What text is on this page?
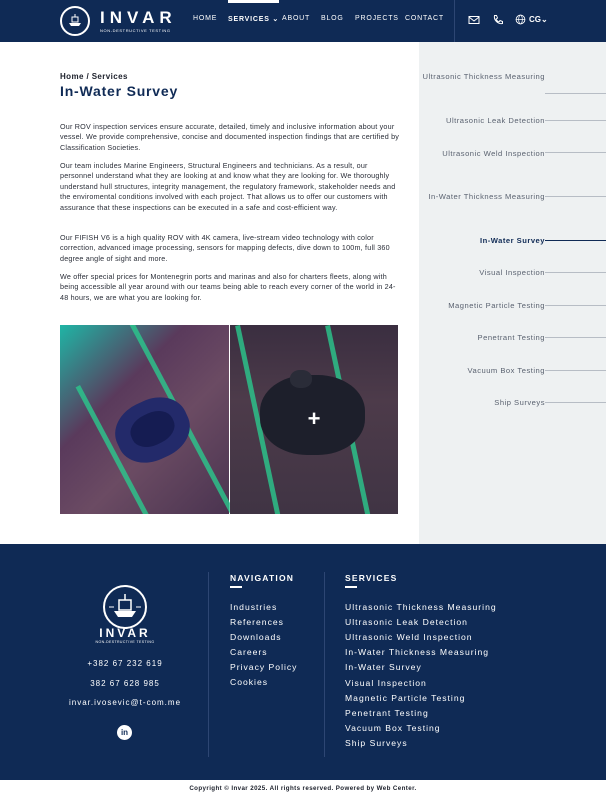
INVAR
NON-DESTRUCTIVE TESTING
HOME SERVICES ⌄ ABOUT BLOG PROJECTS CONTACT	CG⌄
Home / Services
In-Water Survey

Our ROV inspection services ensure accurate, detailed, timely and inclusive information about your vessel. We provide comprehensive, concise and documented inspection findings that are certified by Classification Societies.

Our team includes Marine Engineers, Structural Engineers and technicians. As a result, our personnel understand what they are looking at and know what they are looking for. We thoroughly understand hull structures, integrity management, the regulatory framework, stakeholder needs and the enviromental conditions involved with each project. That allows us to offer our customers with assurance that these inspections can be executed in a safe and cost-efficient way.

Our FIFISH V6 is a high quality ROV with 4K camera, live-stream video technology with color correction, advanced image processing, sensors for mapping defects, dive down to 100m, full 360 degree angle of sight and more.

We offer special prices for Montenegrin ports and marinas and also for charters fleets, along with being accessible all year around with our teams being able to reach every corner of the world in 24-48 hours, we are what you are looking for.

+
Ultrasonic Thickness Measuring
Ultrasonic Leak Detection
Ultrasonic Weld Inspection
In-Water Thickness Measuring
In-Water Survey
Visual Inspection
Magnetic Particle Testing
Penetrant Testing
Vacuum Box Testing
Ship Surveys
INVAR
NON-DESTRUCTIVE TESTING
+382 67 232 619
382 67 628 985
invar.ivosevic@t-com.me
in
NAVIGATION
Industries
References
Downloads
Careers
Privacy Policy
Cookies
SERVICES
Ultrasonic Thickness Measuring
Ultrasonic Leak Detection
Ultrasonic Weld Inspection
In-Water Thickness Measuring
In-Water Survey
Visual Inspection
Magnetic Particle Testing
Penetrant Testing
Vacuum Box Testing
Ship Surveys
Copyright © Invar 2025. All rights reserved. Powered by Web Center.
